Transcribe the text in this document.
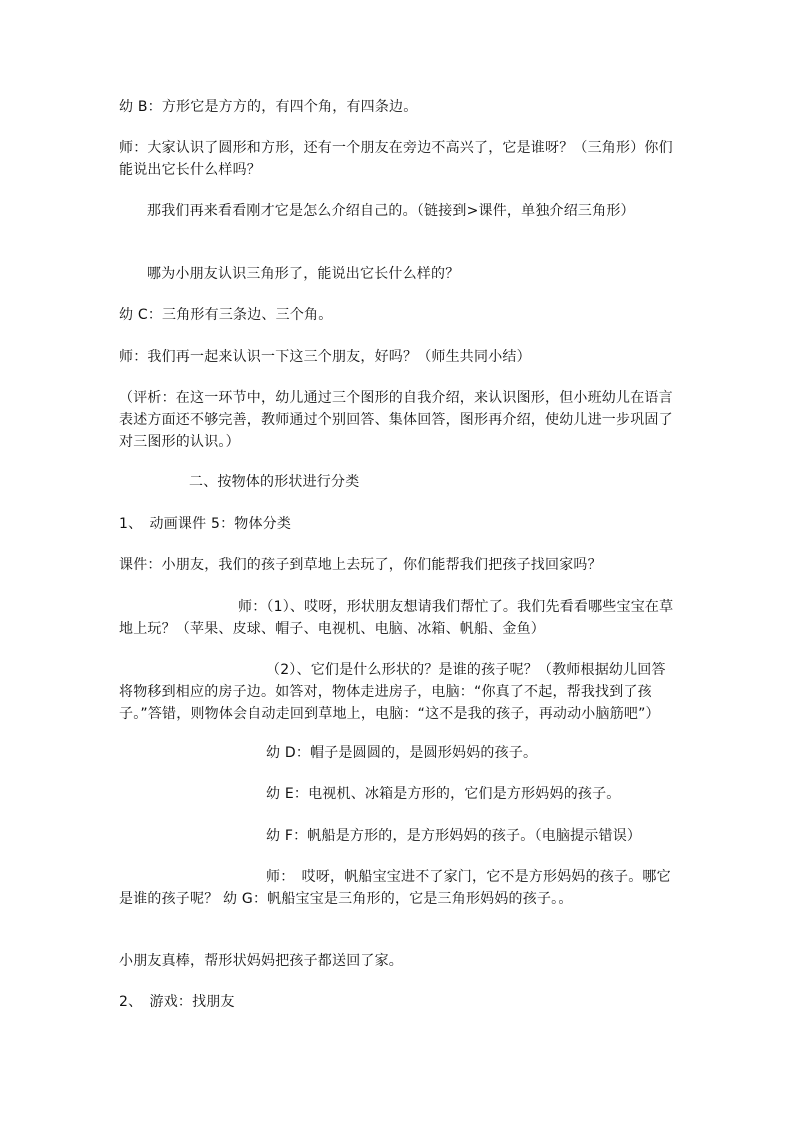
幼 B：方形它是方方的，有四个角，有四条边。

师：大家认识了圆形和方形，还有一个朋友在旁边不高兴了，它是谁呀？（三角形）你们能说出它长什么样吗？

那我们再来看看刚才它是怎么介绍自己的。（链接到>课件，单独介绍三角形）

哪为小朋友认识三角形了，能说出它长什么样的？

幼 C：三角形有三条边、三个角。

师：我们再一起来认识一下这三个朋友，好吗？（师生共同小结）

（评析：在这一环节中，幼儿通过三个图形的自我介绍，来认识图形，但小班幼儿在语言表述方面还不够完善，教师通过个别回答、集体回答，图形再介绍，使幼儿进一步巩固了对三图形的认识。）

二、按物体的形状进行分类

1、　动画课件 5：物体分类

课件：小朋友，我们的孩子到草地上去玩了，你们能帮我们把孩子找回家吗？

师：（1）、哎呀，形状朋友想请我们帮忙了。我们先看看哪些宝宝在草地上玩？（苹果、皮球、帽子、电视机、电脑、冰箱、帆船、金鱼）

（2）、它们是什么形状的？是谁的孩子呢？（教师根据幼儿回答将物移到相应的房子边。如答对，物体走进房子，电脑：“你真了不起，帮我找到了孩子。”答错，则物体会自动走回到草地上，电脑：“这不是我的孩子，再动动小脑筋吧”）

幼 D：帽子是圆圆的，是圆形妈妈的孩子。

幼 E：电视机、冰箱是方形的，它们是方形妈妈的孩子。

幼 F：帆船是方形的，是方形妈妈的孩子。（电脑提示错误）

师：　哎呀，帆船宝宝进不了家门，它不是方形妈妈的孩子。哪它是谁的孩子呢？ 幼 G：帆船宝宝是三角形的，它是三角形妈妈的孩子。。

小朋友真棒，帮形状妈妈把孩子都送回了家。

2、　游戏：找朋友
